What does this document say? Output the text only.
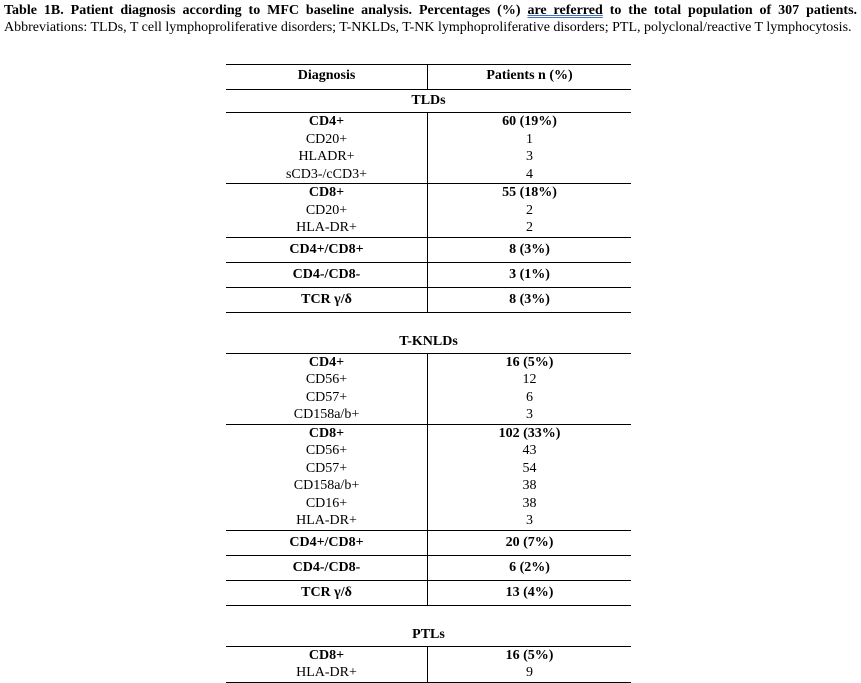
Table 1B. Patient diagnosis according to MFC baseline analysis. Percentages (%) are referred to the total population of 307 patients. Abbreviations: TLDs, T cell lymphoproliferative disorders; T-NKLDs, T-NK lymphoproliferative disorders; PTL, polyclonal/reactive T lymphocytosis.
Diagnosis	Patients n (%)
TLDs
CD4+	60 (19%)
CD20+	1
HLADR+	3
sCD3-/cCD3+	4
CD8+	55 (18%)
CD20+	2
HLA-DR+	2
CD4+/CD8+	8 (3%)
CD4-/CD8-	3 (1%)
TCR γ/δ	8 (3%)
T-KNLDs
CD4+	16 (5%)
CD56+	12
CD57+	6
CD158a/b+	3
CD8+	102 (33%)
CD56+	43
CD57+	54
CD158a/b+	38
CD16+	38
HLA-DR+	3
CD4+/CD8+	20 (7%)
CD4-/CD8-	6 (2%)
TCR γ/δ	13 (4%)
PTLs
CD8+	16 (5%)
HLA-DR+	9
